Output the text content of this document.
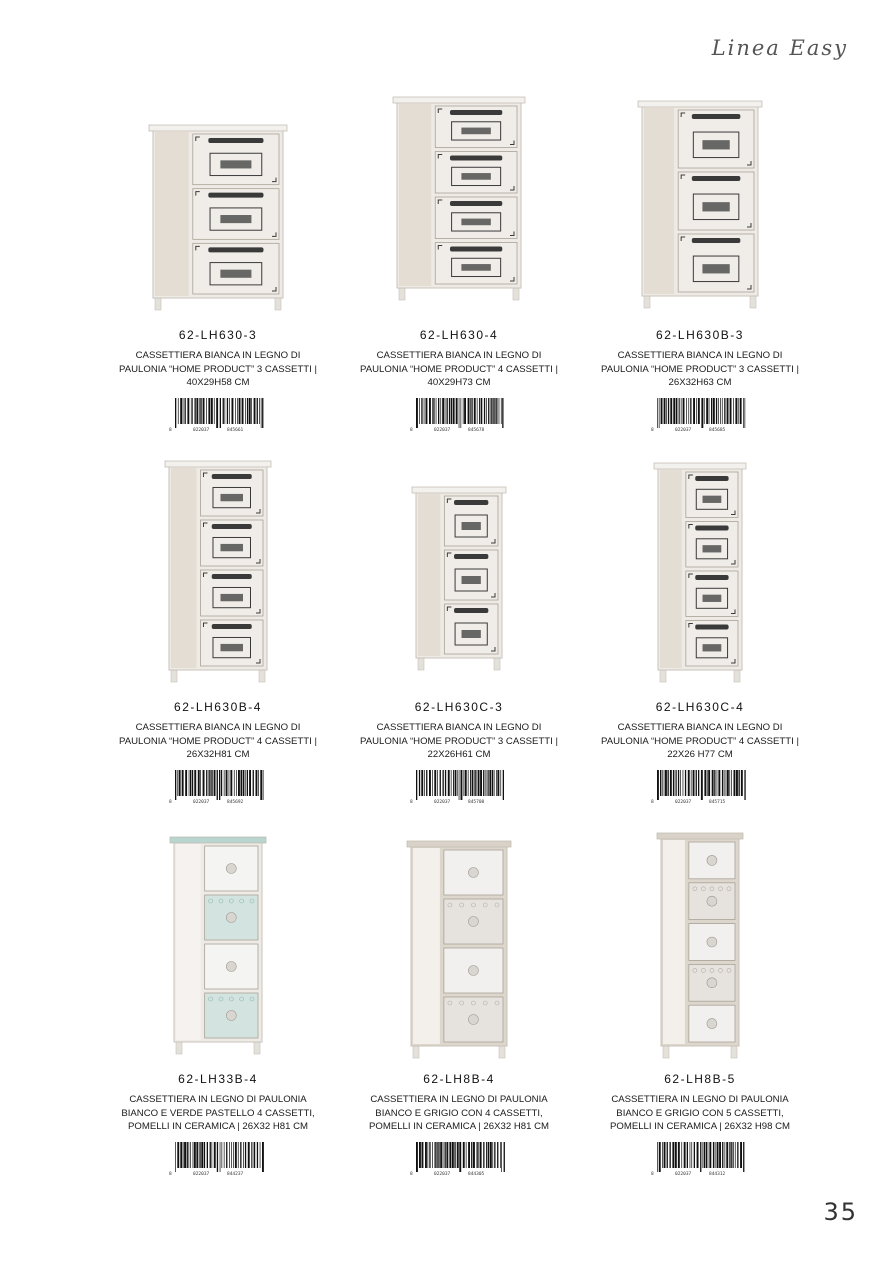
Linea Easy
62-LH630-3
CASSETTIERA BIANCA IN LEGNO DI
PAULONIA “HOME PRODUCT” 3 CASSETTI |
40X29H58 CM
8	022037	845661
62-LH630-4
CASSETTIERA BIANCA IN LEGNO DI
PAULONIA “HOME PRODUCT” 4 CASSETTI |
40X29H73 CM
8	022037	845678
62-LH630B-3
CASSETTIERA BIANCA IN LEGNO DI
PAULONIA “HOME PRODUCT” 3 CASSETTI |
26X32H63 CM
8	022037	845685
62-LH630B-4
CASSETTIERA BIANCA IN LEGNO DI
PAULONIA “HOME PRODUCT” 4 CASSETTI |
26X32H81 CM
8	022037	845692
62-LH630C-3
CASSETTIERA BIANCA IN LEGNO DI
PAULONIA “HOME PRODUCT” 3 CASSETTI |
22X26H61 CM
8	022037	845708
62-LH630C-4
CASSETTIERA BIANCA IN LEGNO DI
PAULONIA “HOME PRODUCT” 4 CASSETTI |
22X26 H77 CM
8	022037	845715
62-LH33B-4
CASSETTIERA IN LEGNO DI PAULONIA
BIANCO E VERDE PASTELLO 4 CASSETTI,
POMELLI IN CERAMICA | 26X32 H81 CM
8	022037	844237
62-LH8B-4
CASSETTIERA IN LEGNO DI PAULONIA
BIANCO E GRIGIO CON 4 CASSETTI,
POMELLI IN CERAMICA | 26X32 H81 CM
8	022037	844305
62-LH8B-5
CASSETTIERA IN LEGNO DI PAULONIA
BIANCO E GRIGIO CON 5 CASSETTI,
POMELLI IN CERAMICA | 26X32 H98 CM
8	022037	844312
35
